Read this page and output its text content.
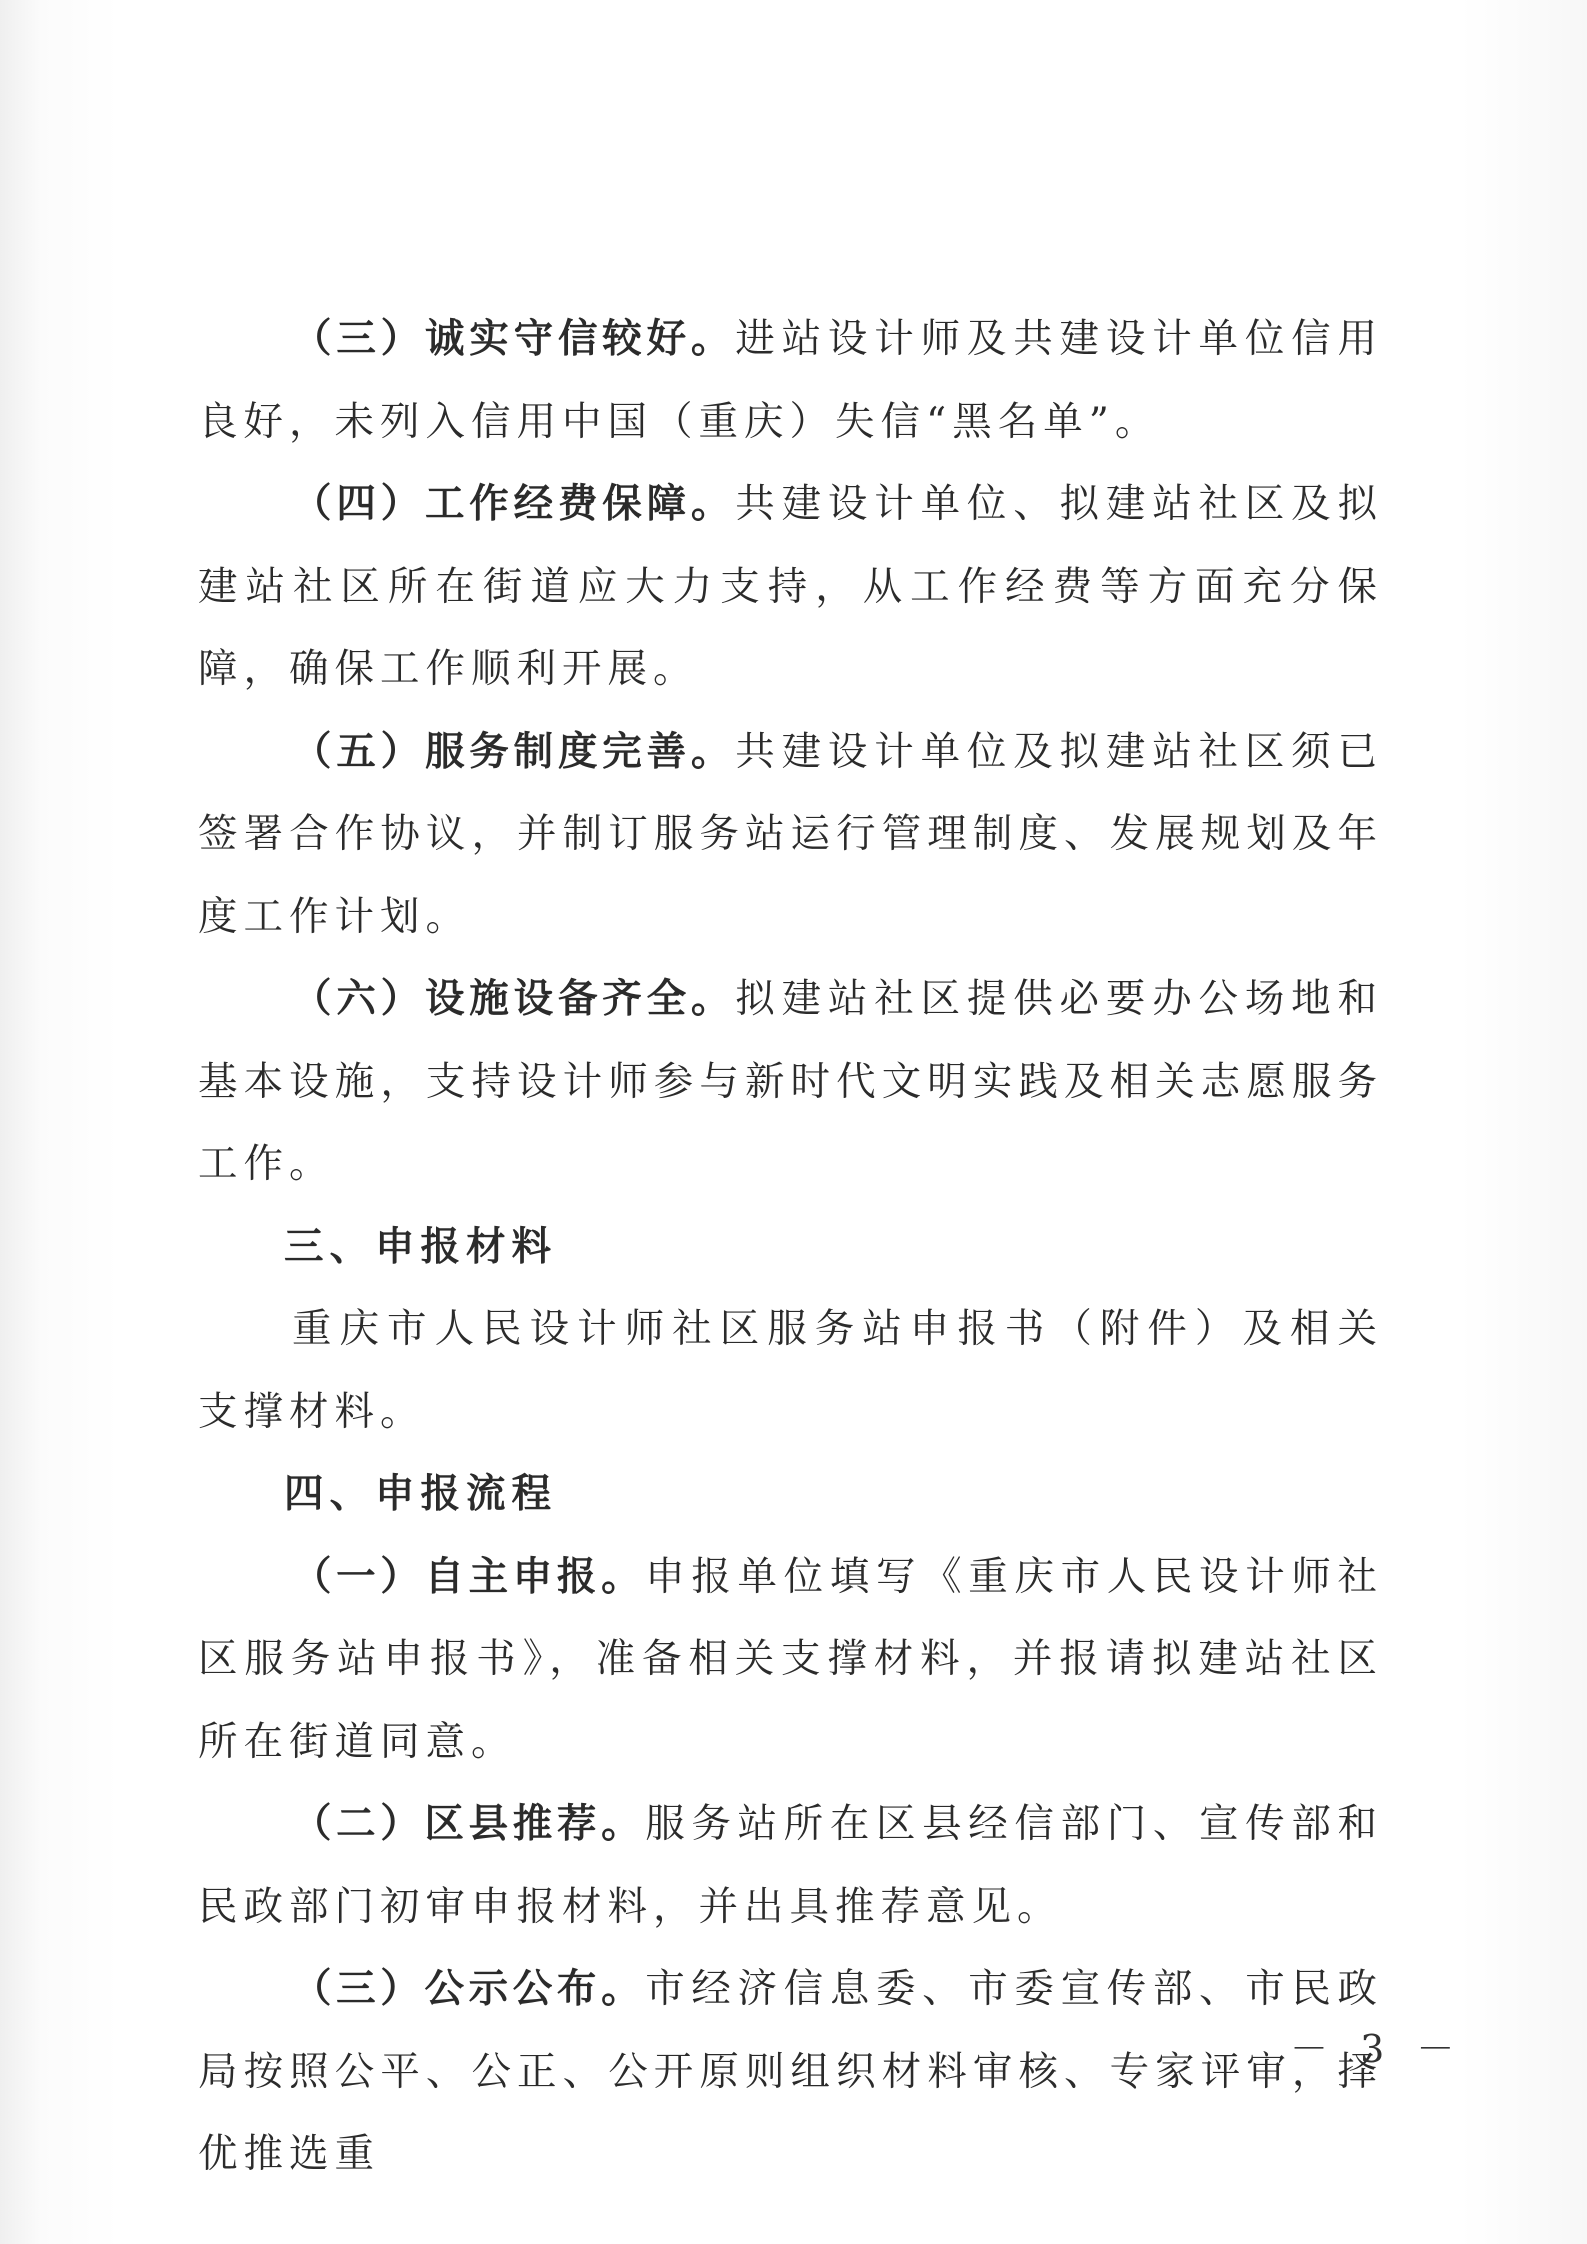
（三）诚实守信较好。进站设计师及共建设计单位信用良好，未列入信用中国（重庆）失信“黑名单”。

（四）工作经费保障。共建设计单位、拟建站社区及拟建站社区所在街道应大力支持，从工作经费等方面充分保障，确保工作顺利开展。

（五）服务制度完善。共建设计单位及拟建站社区须已签署合作协议，并制订服务站运行管理制度、发展规划及年度工作计划。

（六）设施设备齐全。拟建站社区提供必要办公场地和基本设施，支持设计师参与新时代文明实践及相关志愿服务工作。

三、申报材料

重庆市人民设计师社区服务站申报书（附件）及相关支撑材料。

四、申报流程

（一）自主申报。申报单位填写《重庆市人民设计师社区服务站申报书》，准备相关支撑材料，并报请拟建站社区所在街道同意。

（二）区县推荐。服务站所在区县经信部门、宣传部和民政部门初审申报材料，并出具推荐意见。

（三）公示公布。市经济信息委、市委宣传部、市民政局按照公平、公正、公开原则组织材料审核、专家评审，择优推选重

－ 3 －
